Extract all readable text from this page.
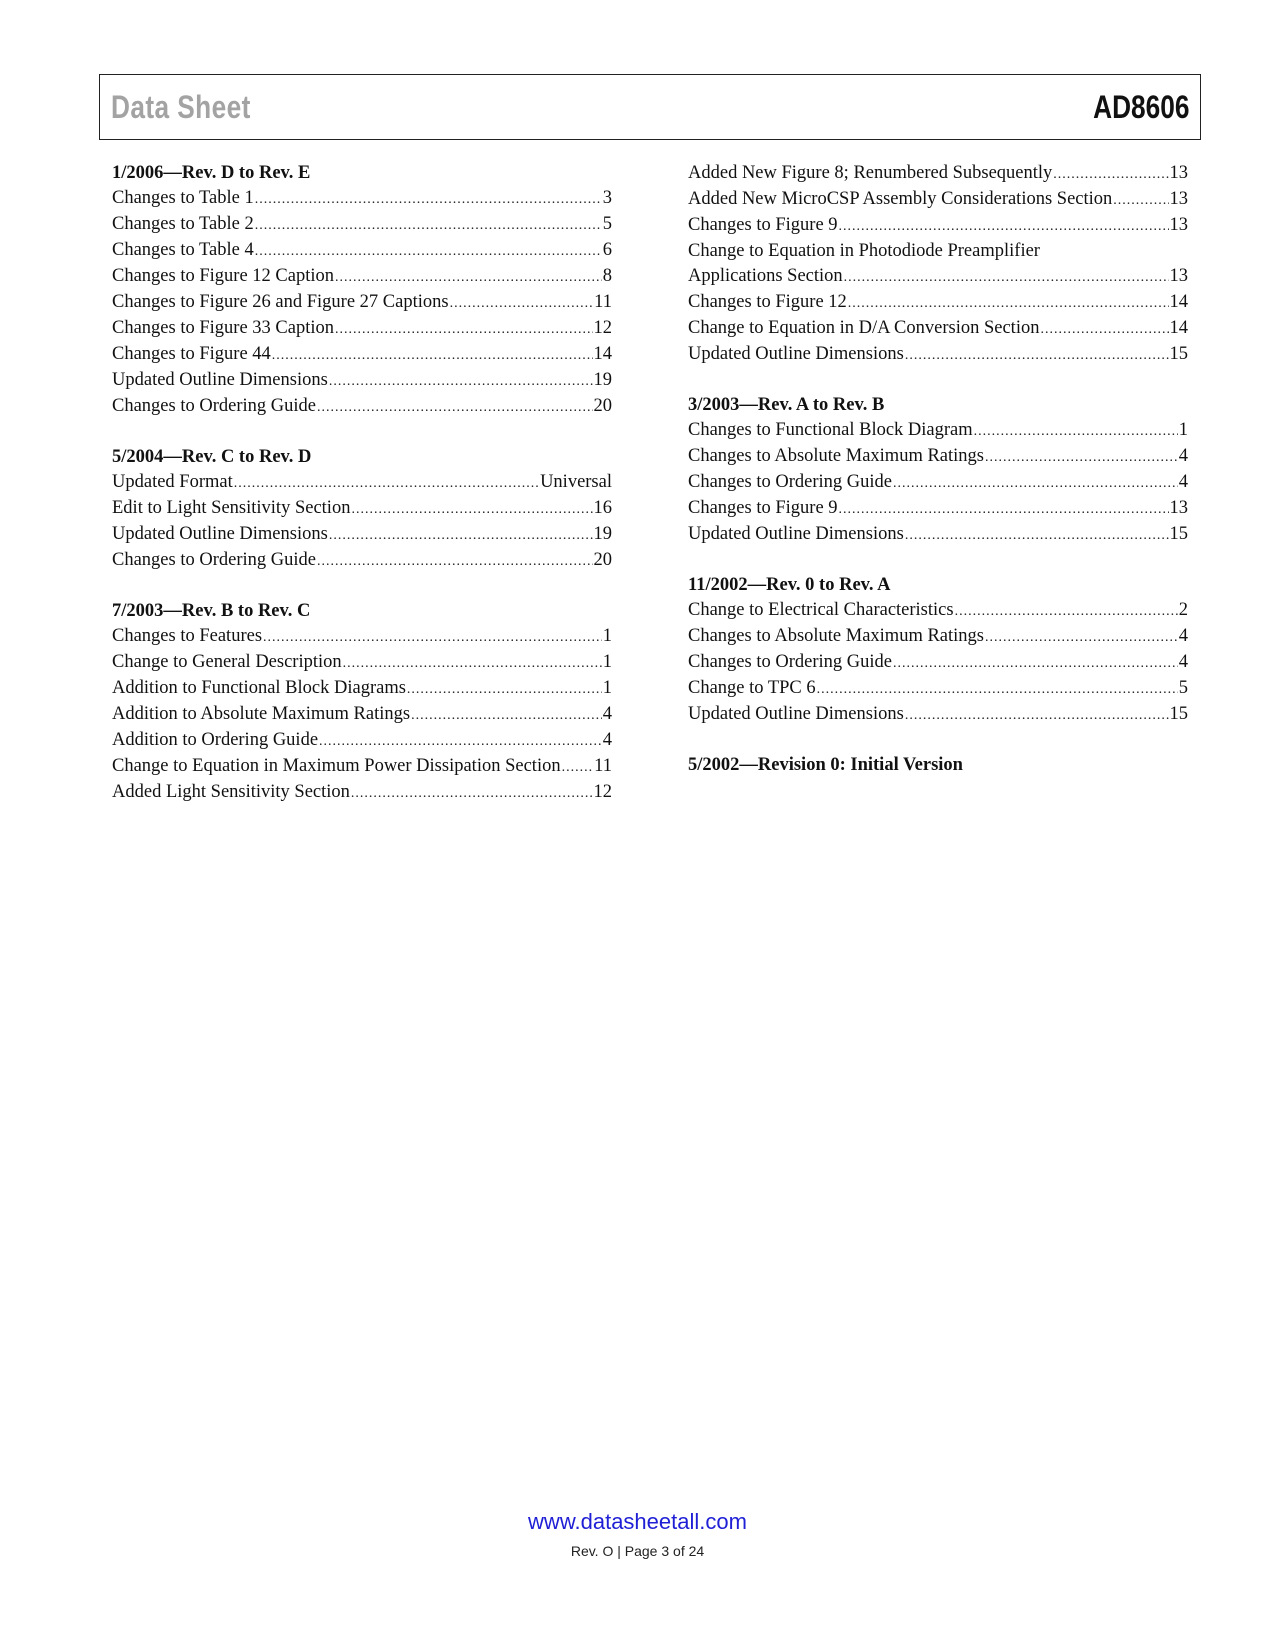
Data Sheet	AD8606
1/2006—Rev. D to Rev. E
Changes to Table 1 .....	3
Changes to Table 2 .....	5
Changes to Table 4 .....	6
Changes to Figure 12 Caption .....	8
Changes to Figure 26 and Figure 27 Captions .....	11
Changes to Figure 33 Caption .....	12
Changes to Figure 44 .....	14
Updated Outline Dimensions .....	19
Changes to Ordering Guide .....	20
5/2004—Rev. C to Rev. D
Updated Format .....	Universal
Edit to Light Sensitivity Section .....	16
Updated Outline Dimensions .....	19
Changes to Ordering Guide .....	20
7/2003—Rev. B to Rev. C
Changes to Features .....	1
Change to General Description .....	1
Addition to Functional Block Diagrams .....	1
Addition to Absolute Maximum Ratings .....	4
Addition to Ordering Guide .....	4
Change to Equation in Maximum Power Dissipation Section ..... 11
Added Light Sensitivity Section .....	12
Added New Figure 8; Renumbered Subsequently .....	13
Added New MicroCSP Assembly Considerations Section .....	13
Changes to Figure 9 .....	13
Change to Equation in Photodiode Preamplifier
Applications Section .....	13
Changes to Figure 12 .....	14
Change to Equation in D/A Conversion Section .....	14
Updated Outline Dimensions .....	15
3/2003—Rev. A to Rev. B
Changes to Functional Block Diagram .....	1
Changes to Absolute Maximum Ratings .....	4
Changes to Ordering Guide .....	4
Changes to Figure 9 .....	13
Updated Outline Dimensions .....	15
11/2002—Rev. 0 to Rev. A
Change to Electrical Characteristics .....	2
Changes to Absolute Maximum Ratings .....	4
Changes to Ordering Guide .....	4
Change to TPC 6 .....	5
Updated Outline Dimensions .....	15
5/2002—Revision 0: Initial Version
www.datasheetall.com
Rev. O | Page 3 of 24
